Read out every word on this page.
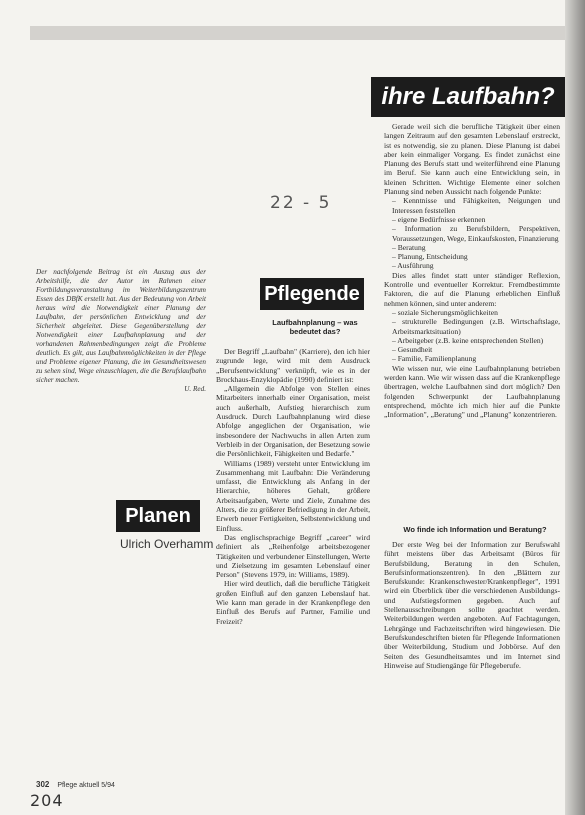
ihre Laufbahn?
22 - 5
Der nachfolgende Beitrag ist ein Auszug aus der Arbeitshilfe, die der Autor im Rahmen einer Fortbildungsveranstaltung im Weiterbildungszentrum Essen des DBfK erstellt hat. Aus der Bedeutung von Arbeit heraus wird die Notwendigkeit einer Planung der Laufbahn, der persönlichen Entwicklung und der Sicherheit abgeleitet. Diese Gegenüberstellung der Notwendigkeit einer Laufbahnplanung und der vorhandenen Rahmenbedingungen zeigt die Probleme deutlich. Es gilt, aus Laufbahnmöglichkeiten in der Pflege und Probleme eigener Planung, die im Gesundheitswesen zu sehen sind, Wege einzuschlagen, die die Berufslaufbahn sicher machen.
U. Red.
Pflegende
Laufbahnplanung – was bedeutet das?

Der Begriff „Laufbahn" (Karriere), den ich hier zugrunde lege, wird mit dem Ausdruck „Berufsentwicklung" verknüpft, wie es in der Brockhaus-Enzyklopädie (1990) definiert ist:

„Allgemein die Abfolge von Stellen eines Mitarbeiters innerhalb einer Organisation, meist auch außerhalb, Aufstieg hierarchisch zum Ausdruck. Durch Laufbahnplanung wird diese Abfolge angeglichen der Organisation, wie insbesondere der Nachwuchs in allen Arten zum Verbleib in der Organisation, der Besetzung sowie die Persönlichkeit, Fähigkeiten und Bedarfe."

Williams (1989) versteht unter Entwicklung im Zusammenhang mit Laufbahn: Die Veränderung umfasst, die Entwicklung als Anfang in der Hierarchie, höheres Gehalt, größere Arbeitsaufgaben, Werte und Ziele, Zunahme des Alters, die zu größerer Befriedigung in der Arbeit, Erwerb neuer Fertigkeiten, Selbstentwicklung und Einfluss.

Das englischsprachige Begriff „career" wird definiert als „Reihenfolge arbeitsbezogener Tätigkeiten und verbundener Einstellungen, Werte und Zielsetzung im gesamten Lebenslauf einer Person" (Stevens 1979, in: Williams, 1989).

Hier wird deutlich, daß die berufliche Tätigkeit großen Einfluß auf den ganzen Lebenslauf hat. Wie kann man gerade in der Krankenpflege den Einfluß des Berufs auf Partner, Familie und Freizeit?

Planen
Ulrich Overhamm

Gerade weil sich die berufliche Tätigkeit über einen langen Zeitraum auf den gesamten Lebenslauf erstreckt, ist es notwendig, sie zu planen. Diese Planung ist dabei aber kein einmaliger Vorgang. Es findet zunächst eine Planung des Berufs statt und weiterführend eine Planung im Beruf. Sie kann auch eine Entwicklung sein, in kleinen Schritten. Wichtige Elemente einer solchen Planung sind neben Aussicht nach folgende Punkte:

– Kenntnisse und Fähigkeiten, Neigungen und Interessen feststellen
– eigene Bedürfnisse erkennen
– Information zu Berufsbildern, Perspektiven, Voraussetzungen, Wege, Einkaufskosten, Finanzierung
– Beratung
– Planung, Entscheidung
– Ausführung

Dies alles findet statt unter ständiger Reflexion, Kontrolle und eventueller Korrektur. Fremdbestimmte Faktoren, die auf die Planung erheblichen Einfluß nehmen können, sind unter anderem:

– soziale Sicherungsmöglichkeiten
– strukturelle Bedingungen (z.B. Wirtschaftslage, Arbeitsmarktsituation)
– Arbeitgeber (z.B. keine entsprechenden Stellen)
– Gesundheit
– Familie, Familienplanung

Wie wissen nur, wie eine Laufbahnplanung betrieben werden kann. Wie wir wissen dass auf die Krankenpflege übertragen, welche Laufbahnen sind dort möglich? Den folgenden Schwerpunkt der Laufbahnplanung entsprechend, möchte ich mich hier auf die Punkte „Information", „Beratung" und „Planung" konzentrieren.

Wo finde ich Information und Beratung?

Der erste Weg bei der Information zur Berufswahl führt meistens über das Arbeitsamt (Büros für Berufsbildung, Beratung in den Schulen, Berufsinformationszentren). In den „Blättern zur Berufskunde: Krankenschwester/Krankenpfleger", 1991 wird ein Überblick über die verschiedenen Ausbildungs- und Aufstiegsformen gegeben. Auch auf Stellenausschreibungen sollte geachtet werden. Weiterbildungen werden angeboten. Auf Fachtagungen, Lehrgänge und Fachzeitschriften wird hingewiesen. Die Berufskundeschriften bieten für Pflegende Informationen über Weiterbildung, Studium und Jobbörse. Auf den Seiten des Gesundheitsamtes und im Internet sind Hinweise auf Studiengänge für Pflegeberufe.

302 Pflege aktuell 5/94
204
